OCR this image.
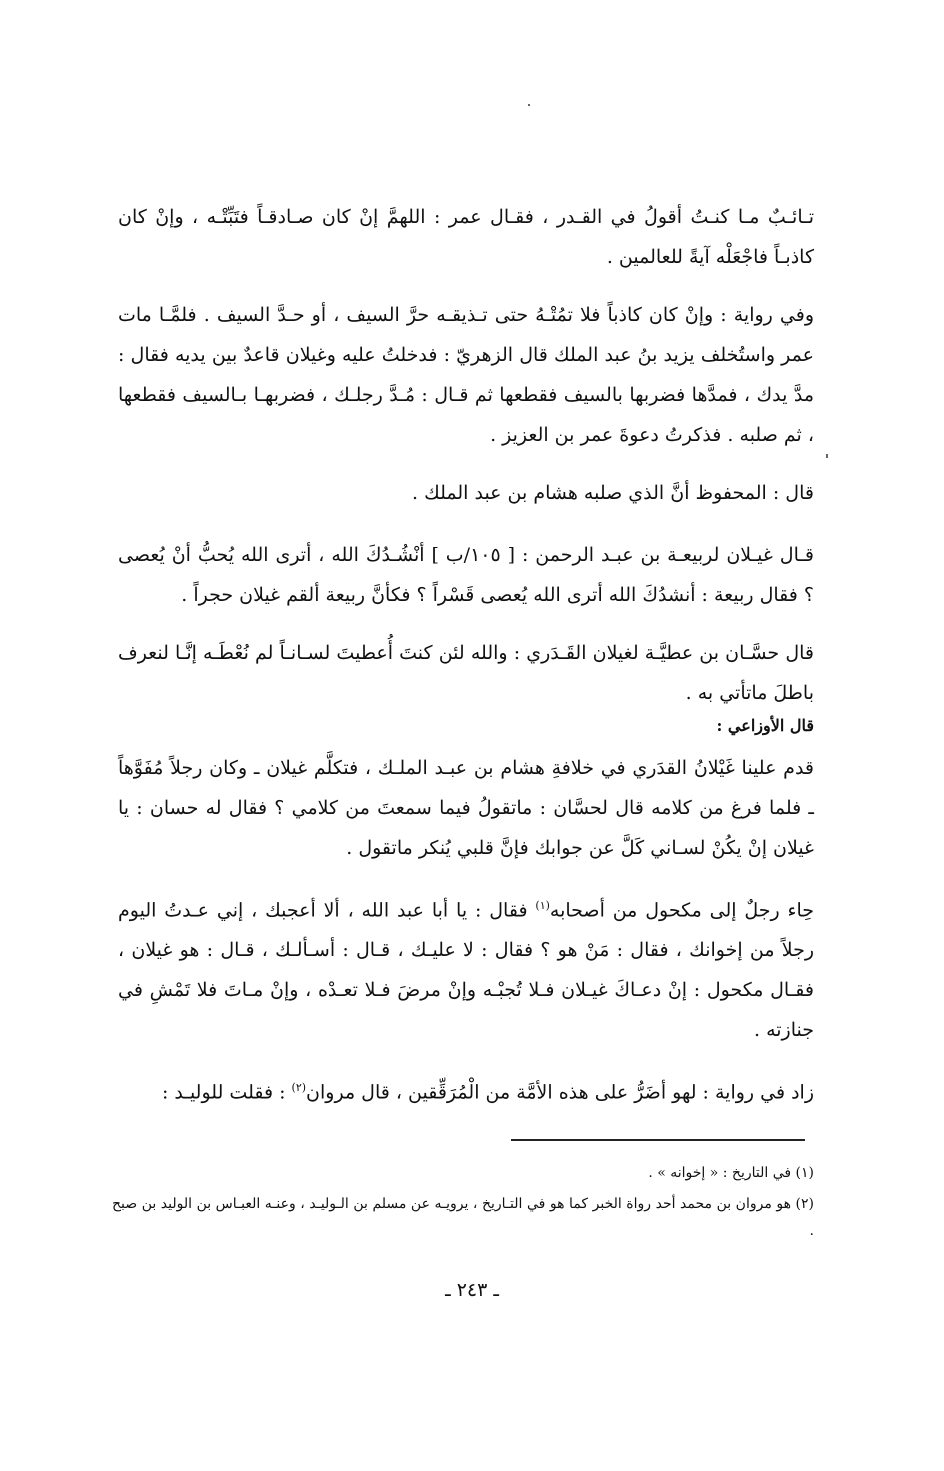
تـائـبٌ مـا كنـتُ أقولُ في القـدر ، فقـال عمر : اللهمَّ إنْ كان صـادقـاً فتَبِّتْـه ، وإنْ كان كاذبـاً فاجْعَلْه آيةً للعالمين .

وفي رواية : وإنْ كان كاذباً فلا تمُتْـهُ حتى تـذيقـه حرَّ السيف ، أو حـدَّ السيف . فلمَّـا مات عمر واستُخلف يزيد بنُ عبد الملك قال الزهريّ : فدخلتُ عليه وغيلان قاعدٌ بين يديه فقال : مدَّ يدك ، فمدَّها فضربها بالسيف فقطعها ثم قـال : مُـدَّ رجلـك ، فضربهـا بـالسيف فقطعها ، ثم صلبه . فذكرتُ دعوةَ عمر بن العزيز .

قال : المحفوظ أنَّ الذي صلبه هشام بن عبد الملك .

قـال غيـلان لربيعـة بن عبـد الرحمن : [ ١٠٥/ب ] أنْشُـدُكَ الله ، أترى الله يُحبُّ أنْ يُعصى ؟ فقال ربيعة : أنشدُكَ الله أترى الله يُعصى قَسْراً ؟ فكأنَّ ربيعة ألقم غيلان حجراً .

قال حسَّـان بن عطيَّـة لغيلان القَـدَري : والله لئن كنتَ أُعطيتَ لسـانـاً لم نُعْطَـه إنَّـا لنعرف باطلَ ماتأتي به .

قال الأوزاعي :

قدم علينا غَيْلانُ القدَري في خلافةِ هشام بن عبـد الملـك ، فتكلَّم غيلان ـ وكان رجلاً مُفَوَّهاً ـ فلما فرغ من كلامه قال لحسَّان : ماتقولُ فيما سمعتَ من كلامي ؟ فقال له حسان : يا غيلان إنْ يكُنْ لسـاني كَلَّ عن جوابك فإنَّ قلبي يُنكر ماتقول .

حِاء رجلٌ إلى مكحول من أصحابه$^{(١)}$ فقال : يا أبا عبد الله ، ألا أعجبك ، إني عـدتُ اليوم رجلاً من إخوانك ، فقال : مَنْ هو ؟ فقال : لا عليـك ، قـال : أسـألـك ، قـال : هو غيلان ، فقـال مكحول : إنْ دعـاكَ غيـلان فـلا تُجبْـه وإنْ مرضَ فـلا تعـدْه ، وإنْ مـاتَ فلا تَمْشِ في جنازته .

زاد في رواية : لهو أضَرُّ على هذه الأمَّة من الْمُرَقِّقين ، قال مروان$^{(٢)}$ : فقلت للوليـد :

(١) في التاريخ : « إخوانه » .

(٢) هو مروان بن محمد أحد رواة الخبر كما هو في التـاريخ ، يرويـه عن مسلم بن الـوليـد ، وعنـه العبـاس بن الوليد بن صبح .

ـ ٢٤٣ ـ
